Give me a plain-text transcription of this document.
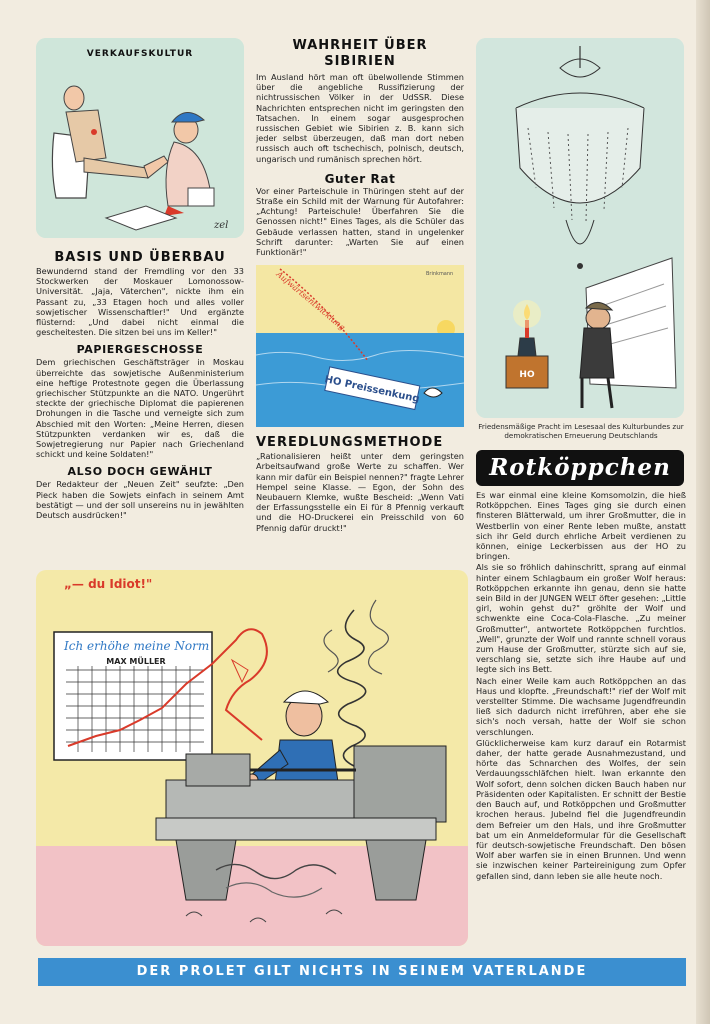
VERKAUFSKULTUR
zel
BASIS UND ÜBERBAU

Bewundernd stand der Fremdling vor den 33 Stockwerken der Moskauer Lomonossow-Universität. „Jaja, Väterchen", nickte ihm ein Passant zu, „33 Etagen hoch und alles voller sowjetischer Wissenschaftler!" Und ergänzte flüsternd: „Und dabei nicht einmal die gescheitesten. Die sitzen bei uns im Keller!"

PAPIERGESCHOSSE

Dem griechischen Geschäftsträger in Moskau überreichte das sowjetische Außenministerium eine heftige Protestnote gegen die Überlassung griechischer Stützpunkte an die NATO. Ungerührt steckte der griechische Diplomat die papierenen Drohungen in die Tasche und verneigte sich zum Abschied mit den Worten: „Meine Herren, diesen Stützpunkten verdanken wir es, daß die Sowjetregierung nur Papier nach Griechenland schickt und keine Soldaten!"

ALSO DOCH GEWÄHLT

Der Redakteur der „Neuen Zeit" seufzte: „Den Pieck haben die Sowjets einfach in seinem Amt bestätigt — und der soll unsereins nu in jewählten Deutsch ausdrücken!"

WAHRHEIT ÜBER SIBIRIEN

Im Ausland hört man oft übelwollende Stimmen über die angebliche Russifizierung der nichtrussischen Völker in der UdSSR. Diese Nachrichten entsprechen nicht im geringsten den Tatsachen. In einem sogar ausgesprochen russischen Gebiet wie Sibirien z. B. kann sich jeder selbst überzeugen, daß man dort neben russisch auch oft tschechisch, polnisch, deutsch, ungarisch und rumänisch sprechen hört.

Guter Rat

Vor einer Parteischule in Thüringen steht auf der Straße ein Schild mit der Warnung für Autofahrer: „Achtung! Parteischule! Überfahren Sie die Genossen nicht!" Eines Tages, als die Schüler das Gebäude verlassen hatten, stand in ungelenker Schrift darunter: „Warten Sie auf einen Funktionär!"

Aufwärtsentwicklung
HO Preissenkung
Brinkmann
VEREDLUNGSMETHODE

„Rationalisieren heißt unter dem geringsten Arbeitsaufwand große Werte zu schaffen. Wer kann mir dafür ein Beispiel nennen?" fragte Lehrer Hempel seine Klasse. — Egon, der Sohn des Neubauern Klemke, wußte Bescheid: „Wenn Vati der Erfassungsstelle ein Ei für 8 Pfennig verkauft und die HO-Druckerei ein Preisschild von 60 Pfennig dafür druckt!"

HO

Friedensmäßige Pracht im Lesesaal des Kulturbundes zur demokratischen Erneuerung Deutschlands

Rotköppchen

Es war einmal eine kleine Komsomolzin, die hieß Rotköppchen. Eines Tages ging sie durch einen finsteren Blätterwald, um ihrer Großmutter, die in Westberlin von einer Rente leben mußte, anstatt sich ihr Geld durch ehrliche Arbeit verdienen zu können, einige Leckerbissen aus der HO zu bringen.

Als sie so fröhlich dahinschritt, sprang auf einmal hinter einem Schlagbaum ein großer Wolf heraus: Rotköppchen erkannte ihn genau, denn sie hatte sein Bild in der JUNGEN WELT öfter gesehen: „Little girl, wohin gehst du?" gröhlte der Wolf und schwenkte eine Coca-Cola-Flasche. „Zu meiner Großmutter", antwortete Rotköppchen furchtlos. „Well", grunzte der Wolf und rannte schnell voraus zum Hause der Großmutter, stürzte sich auf sie, verschlang sie, setzte sich ihre Haube auf und legte sich ins Bett.

Nach einer Weile kam auch Rotköppchen an das Haus und klopfte. „Freundschaft!" rief der Wolf mit verstellter Stimme. Die wachsame Jugendfreundin ließ sich dadurch nicht irreführen, aber ehe sie sich's noch versah, hatte der Wolf sie schon verschlungen.

Glücklicherweise kam kurz darauf ein Rotarmist daher, der hatte gerade Ausnahmezustand, und hörte das Schnarchen des Wolfes, der sein Verdauungsschläfchen hielt. Iwan erkannte den Wolf sofort, denn solchen dicken Bauch haben nur Präsidenten oder Kapitalisten. Er schnitt der Bestie den Bauch auf, und Rotköppchen und Großmutter krochen heraus. Jubelnd fiel die Jugendfreundin dem Befreier um den Hals, und ihre Großmutter bat um ein Anmeldeformular für die Gesellschaft für deutsch-sowjetische Freundschaft. Den bösen Wolf aber warfen sie in einen Brunnen. Und wenn sie inzwischen keiner Parteireinigung zum Opfer gefallen sind, dann leben sie alle heute noch.

„— du Idiot!"
Ich erhöhe meine Norm
MAX MÜLLER
DER PROLET GILT NICHTS IN SEINEM VATERLANDE
